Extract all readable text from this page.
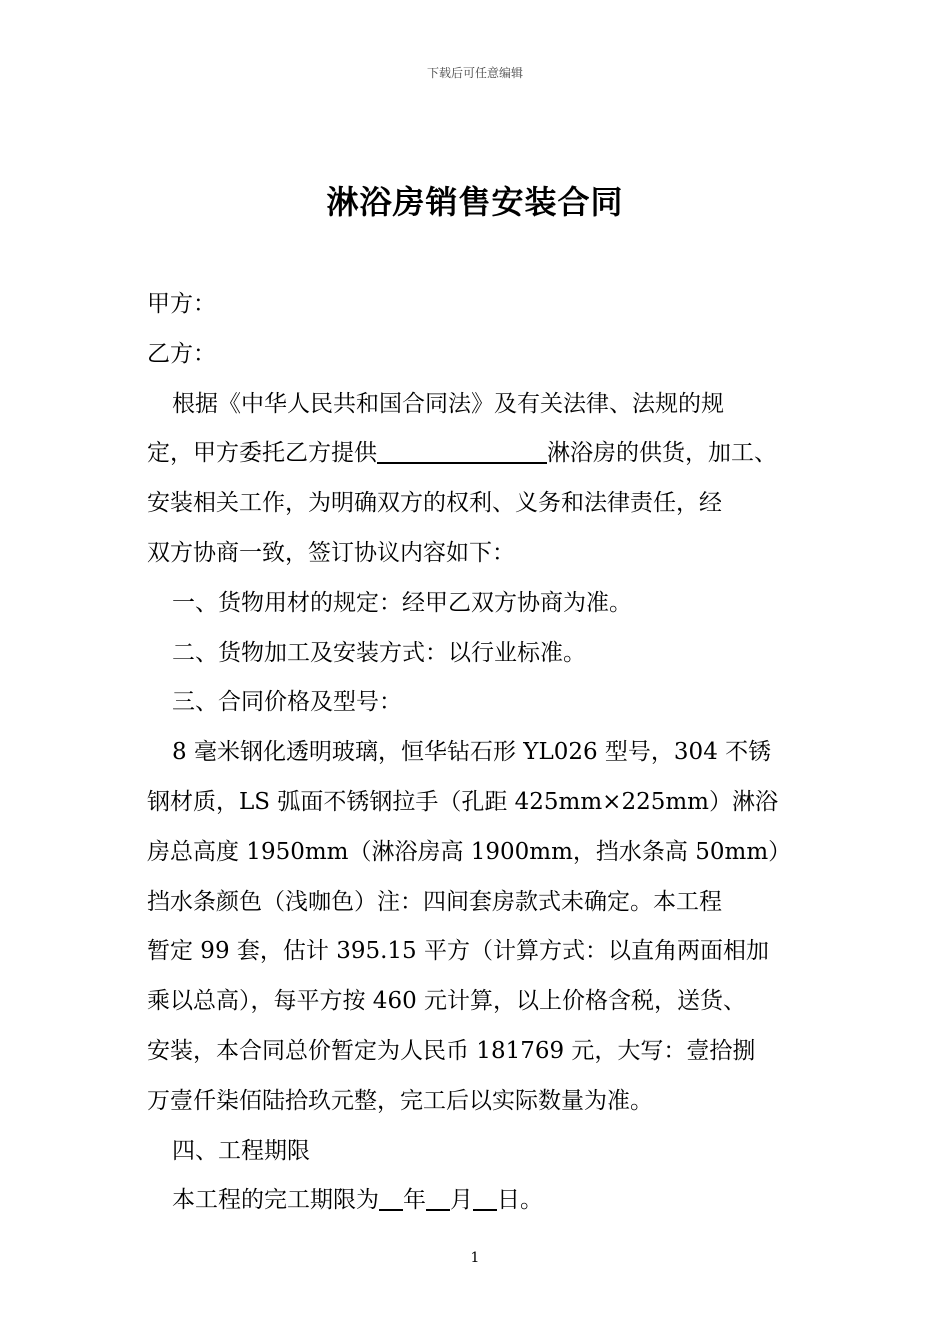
下载后可任意编辑
淋浴房销售安装合同

甲方：

乙方：

根据《中华人民共和国合同法》及有关法律、法规的规

定，甲方委托乙方提供	淋浴房的供货，加工、

安装相关工作，为明确双方的权利、义务和法律责任，经

双方协商一致，签订协议内容如下：

一、货物用材的规定：经甲乙双方协商为准。

二、货物加工及安装方式：以行业标准。

三、合同价格及型号：

8 毫米钢化透明玻璃，恒华钻石形 YL026 型号，304 不锈

钢材质，LS 弧面不锈钢拉手（孔距 425mm×225mm）淋浴

房总高度 1950mm（淋浴房高 1900mm，挡水条高 50mm）

挡水条颜色（浅咖色）注：四间套房款式未确定。本工程

暂定 99 套，估计 395.15 平方（计算方式：以直角两面相加

乘以总高），每平方按 460 元计算，以上价格含税，送货、

安装，本合同总价暂定为人民币 181769 元，大写：壹拾捌

万壹仟柒佰陆拾玖元整，完工后以实际数量为准。

四、工程期限

本工程的完工期限为 年 月 日。

1
